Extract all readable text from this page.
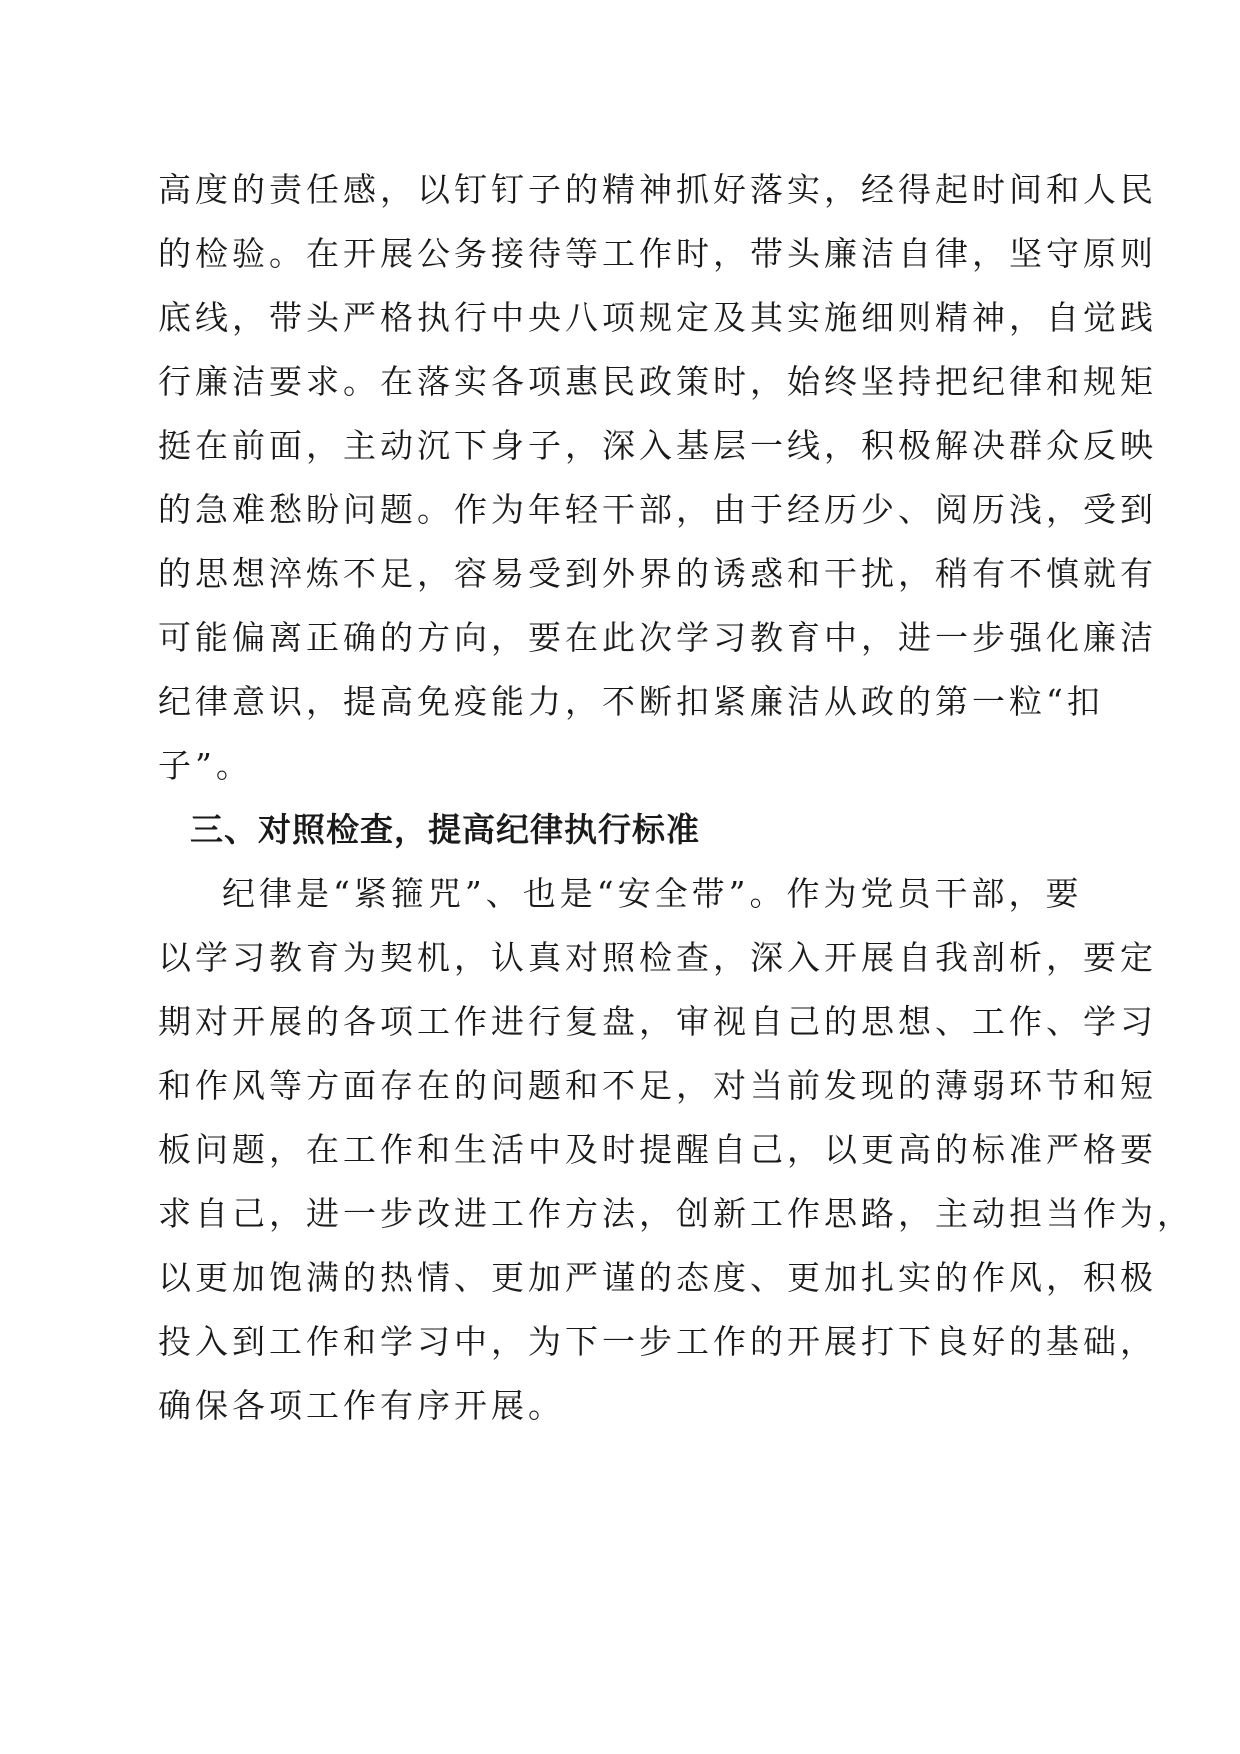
高度的责任感，以钉钉子的精神抓好落实，经得起时间和人民
的检验。在开展公务接待等工作时，带头廉洁自律，坚守原则
底线，带头严格执行中央八项规定及其实施细则精神，自觉践
行廉洁要求。在落实各项惠民政策时，始终坚持把纪律和规矩
挺在前面，主动沉下身子，深入基层一线，积极解决群众反映
的急难愁盼问题。作为年轻干部，由于经历少、阅历浅，受到
的思想淬炼不足，容易受到外界的诱惑和干扰，稍有不慎就有
可能偏离正确的方向，要在此次学习教育中，进一步强化廉洁
纪律意识，提高免疫能力，不断扣紧廉洁从政的第一粒“扣
子”。
三、对照检查，提高纪律执行标准
纪律是“紧箍咒”、也是“安全带”。作为党员干部，要
以学习教育为契机，认真对照检查，深入开展自我剖析，要定
期对开展的各项工作进行复盘，审视自己的思想、工作、学习
和作风等方面存在的问题和不足，对当前发现的薄弱环节和短
板问题，在工作和生活中及时提醒自己，以更高的标准严格要
求自己，进一步改进工作方法，创新工作思路，主动担当作为，
以更加饱满的热情、更加严谨的态度、更加扎实的作风，积极
投入到工作和学习中，为下一步工作的开展打下良好的基础，
确保各项工作有序开展。
